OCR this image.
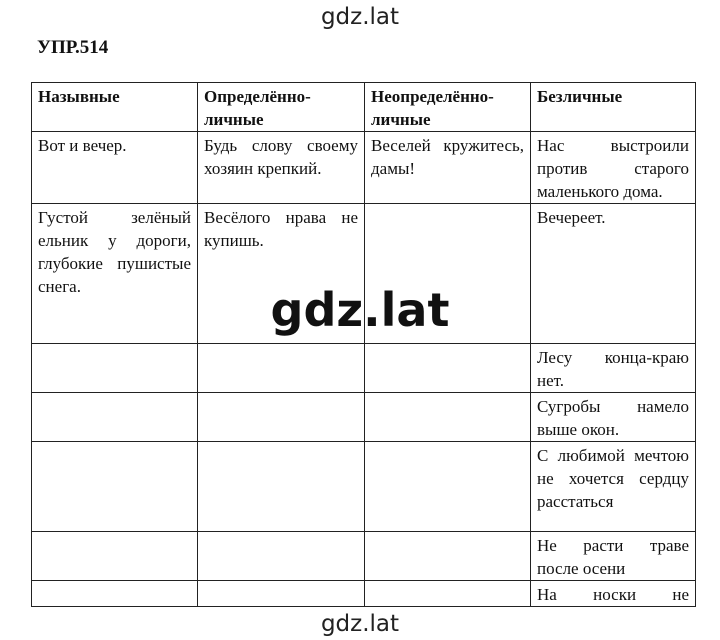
gdz.lat
УПР.514
Назывные	Определённо-личные	Неопределённо-личные	Безличные
Вот и вечер.	Будь слову своему хозяин крепкий.	Веселей кружитесь, дамы!	Нас выстроили против старого маленького дома.
Густой зелёный ельник у дороги, глубокие пушистые снега.	Весёлого нрава не купишь.		Вечереет.
			Лесу конца-краю нет.
			Сугробы намело выше окон.
			С любимой мечтою не хочется сердцу расстаться
			Не расти траве после осени
			На носки не
gdz.lat
gdz.lat
